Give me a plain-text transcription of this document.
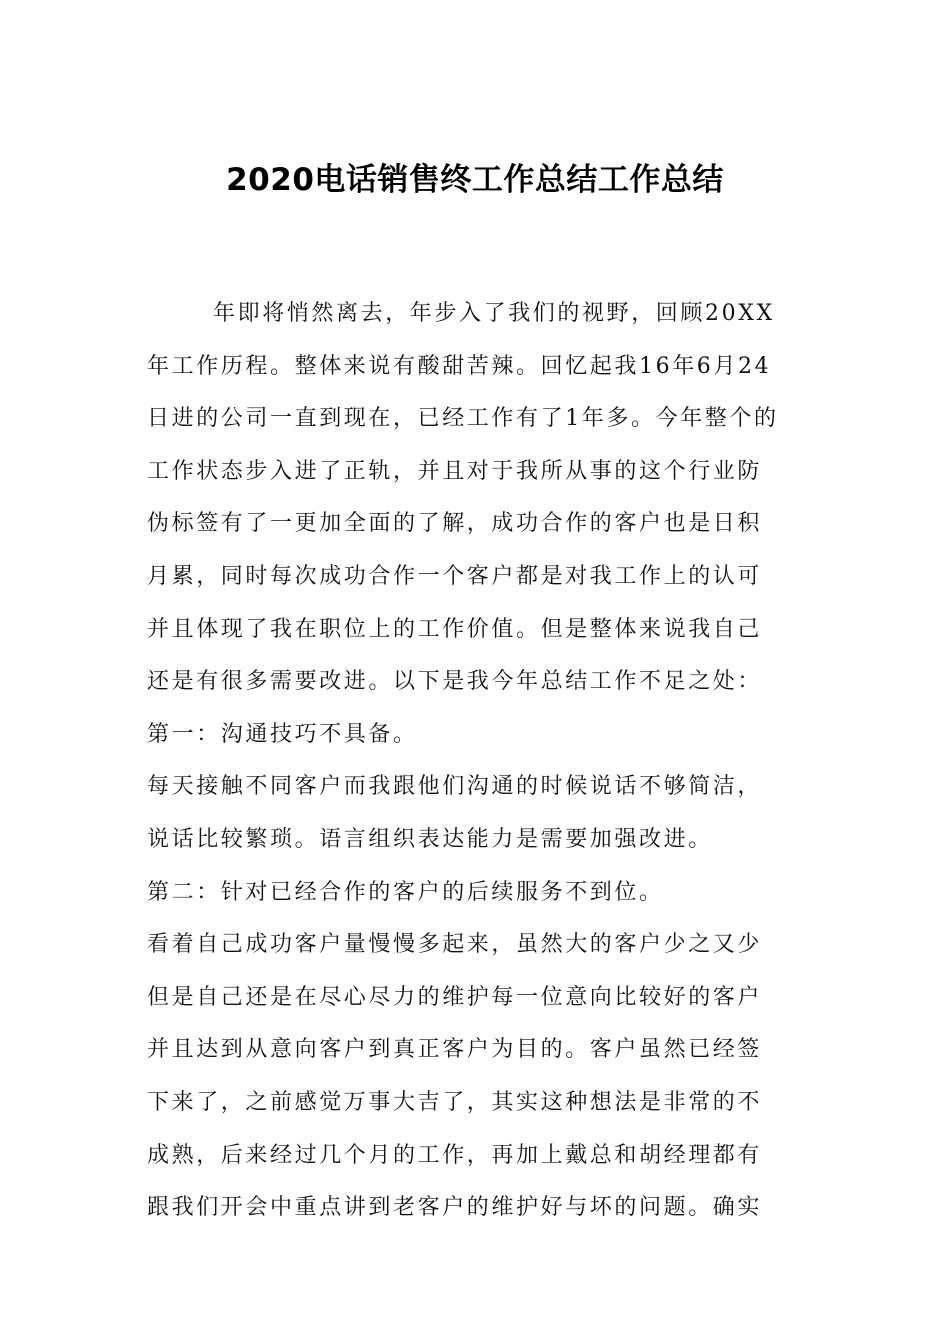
2020电话销售终工作总结工作总结
年即将悄然离去，年步入了我们的视野，回顾20XX
年工作历程。整体来说有酸甜苦辣。回忆起我16年6月24
日进的公司一直到现在，已经工作有了1年多。今年整个的
工作状态步入进了正轨，并且对于我所从事的这个行业防
伪标签有了一更加全面的了解，成功合作的客户也是日积
月累，同时每次成功合作一个客户都是对我工作上的认可
并且体现了我在职位上的工作价值。但是整体来说我自己
还是有很多需要改进。以下是我今年总结工作不足之处：
第一：沟通技巧不具备。
每天接触不同客户而我跟他们沟通的时候说话不够简洁，
说话比较繁琐。语言组织表达能力是需要加强改进。
第二：针对已经合作的客户的后续服务不到位。
看着自己成功客户量慢慢多起来，虽然大的客户少之又少
但是自己还是在尽心尽力的维护每一位意向比较好的客户
并且达到从意向客户到真正客户为目的。客户虽然已经签
下来了，之前感觉万事大吉了，其实这种想法是非常的不
成熟，后来经过几个月的工作，再加上戴总和胡经理都有
跟我们开会中重点讲到老客户的维护好与坏的问题。确实
